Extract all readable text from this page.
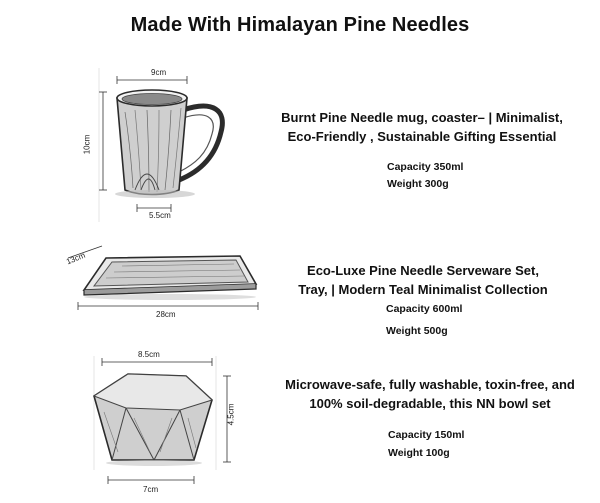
Made With Himalayan Pine Needles
9cm
10cm
5.5cm
Burnt Pine Needle mug, coaster– | Minimalist,
Eco-Friendly , Sustainable Gifting Essential
Capacity 350ml
Weight 300g
13cm
28cm
Eco-Luxe Pine Needle Serveware Set,
Tray, | Modern Teal Minimalist Collection
Capacity 600ml
Weight 500g
8.5cm
4.5cm
7cm
Microwave-safe, fully washable, toxin-free, and
100% soil-degradable, this NN bowl set
Capacity 150ml
Weight 100g
